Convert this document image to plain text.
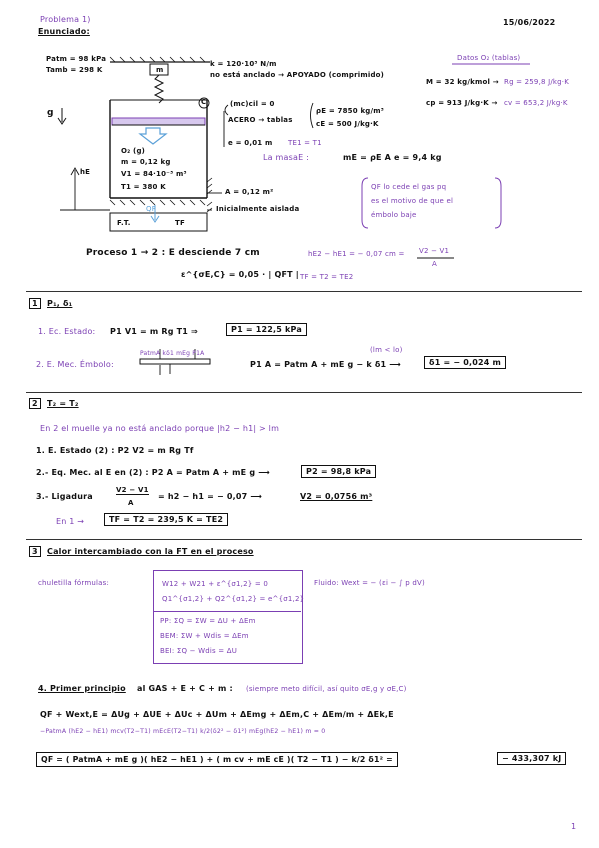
Problema 1)	15/06/2022
Enunciado:
Patm = 98 kPa
Tamb = 298 K
g
m
C
k = 120·10³ N/m
no está anclado → APOYADO (comprimido)
(mc)cil = 0
ACERO → tablas
ρE = 7850 kg/m³
cE = 500 J/kg·K
e = 0,01 m TE1 = T1
La masaE :	mE = ρE A e = 9,4 kg
O₂ (g)
m = 0,12 kg
V1 = 84·10⁻³ m³
T1 = 380 K
A = 0,12 m²
Inicialmente aislada
hE
F.T.	TF
QF
Datos O₂ (tablas)
M = 32 kg/kmol → Rg = 259,8 J/kg·K
cp = 913 J/kg·K → cv = 653,2 J/kg·K
QF lo cede el gas pq
es el motivo de que el
émbolo baje
Proceso 1 → 2 : E desciende 7 cm	hE2 − hE1 = − 0,07 cm = V2 − V1
A
ε^{σE,C} = 0,05 · | QFT | TF = T2 = TE2
1	P₁, δ₁
1. Ec. Estado: P1 V1 = m Rg T1 ⇒	P1 = 122,5 kPa
PatmA kδ1 mEg P1A
2. E. Mec. Émbolo:	P1 A = Patm A + mE g − k δ1 ⟶	δ1 = − 0,024 m
(lm < lo)
2	T₂ = T₂
En 2 el muelle ya no está anclado porque |h2 − h1| > lm
1. E. Estado (2) : P2 V2 = m Rg Tf
2.- Eq. Mec. al E en (2) : P2 A = Patm A + mE g ⟶	P2 = 98,8 kPa
3.- Ligadura
V2 − V1
A
= h2 − h1 = − 0,07 ⟶	V2 = 0,0756 m³
En 1 →	TF = T2 = 239,5 K = TE2
3	Calor intercambiado con la FT en el proceso
chuletilla fórmulas:	W12 + W21 + ε^{σ1,2} = 0
Q1^{σ1,2} + Q2^{σ1,2} = e^{σ1,2}
PP: ΣQ = ΣW = ΔU + ΔEm
BEM: ΣW + Wdis = ΔEm
BEI: ΣQ − Wdis = ΔU
Fluido: Wext = − (εi − ∫ p dV)
4. Primer principio al GAS + E + C + m : (siempre meto difícil, así quito σE,g y σE,C)
QF + Wext,E = ΔUg + ΔUE + ΔUc + ΔUm + ΔEmg + ΔEm,C + ΔEm/m + ΔEk,E
−PatmA (hE2 − hE1) mcv(T2−T1) mEcE(T2−T1) k/2(δ2² − δ1²) mEg(hE2 − hE1) m = 0
QF = ( PatmA + mE g )( hE2 − hE1 ) + ( m cv + mE cE )( T2 − T1 ) − k/2 δ1² =	− 433,307 kJ
1
